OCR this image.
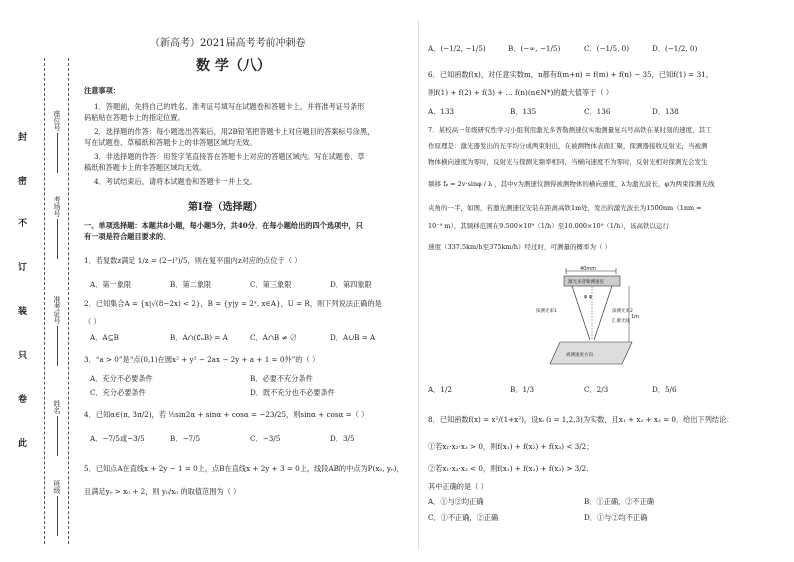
封
密
不
订
装
只
卷
此
座位号
考场号
准考证号
姓名
班级
（新高考）2021届高考考前冲刺卷
数 学（八）
注意事项：
1．答题前，先将自己的姓名、准考证号填写在试题卷和答题卡上，并将准考证号条形
码粘贴在答题卡上的指定位置。
2．选择题的作答：每小题选出答案后，用2B铅笔把答题卡上对应题目的答案标号涂黑，
写在试题卷、草稿纸和答题卡上的非答题区域均无效。
3．非选择题的作答：用签字笔直接答在答题卡上对应的答题区域内。写在试题卷、草
稿纸和答题卡上的非答题区域均无效。
4．考试结束后，请将本试题卷和答题卡一并上交。
第Ⅰ卷（选择题）
一、单项选择题：本题共8小题，每小题5分，共40分．在每小题给出的四个选项中，只
有一项是符合题目要求的．
1．若复数z满足 1/z = (2−i³)/5，则在复平面内z对应的点位于（ ）
A．第一象限	B．第二象限	C．第三象限	D．第四象限
2．已知集合A = {x|√(8−2x) < 2}，B = {y|y = 2ˣ, x∈A}，U = R，则下列说法正确的是
（ ）
A．A⊆B	B．A∩(∁ᵤB) = A	C．A∩B ≠ ∅	D．A∪B = A
3．“a > 0”是“点(0,1)在圆x² + y² − 2ax − 2y + a + 1 = 0外”的（ ）
A．充分不必要条件	B．必要不充分条件
C．充分必要条件	D．既不充分也不必要条件
4．已知α∈(π, 3π/2)，若 ½sin2α + sinα + cosα = −23/25，则sinα + cosα =（ ）
A．−7/5或−3/5	B．−7/5	C．−3/5	D．3/5
5．已知点A在直线x + 2y − 1 = 0上，点B在直线x + 2y + 3 = 0上，线段AB的中点为P(x₀, y₀)，
且满足y₀ > x₀ + 2，则 y₀/x₀ 的取值范围为（ ）
A．(−1/2, −1/5)	B．(−∞, −1/5)	C．(−1/5, 0)	D．(−1/2, 0)
6．已知函数f(x)，对任意实数m，n都有f(m+n) = f(m) + f(n) − 35，已知f(1) = 31，
则f(1) + f(2) + f(3) + … f(n)(n∈N*)的最大值等于（ ）
A．133	B．135	C．136	D．138
7．某校高一年级研究性学习小组利用激光多普勒测速仪实地测量复兴号高铁在某时刻的速度，其工
作原理是：激光器发出的光平均分成两束射出，在被测物体表面汇聚，探测器接收反射光，当被测
物体横向速度为零时，反射光与探测光频率相同，当横向速度不为零时，反射光相对探测光会发生
频移 fₚ = 2v·sinφ / λ ，其中v为测速仪测得被测物体的横向速度，λ为激光波长，φ为两束探测光线
夹角的一半，如图，若激光测速仪安装在距离高铁1m处，发出的激光波长为1500nm（1nm =
10⁻⁹ m），其频移范围在9.500×10⁹（1/h）至10.000×10⁹（1/h），该高铁以运行
速度（337.5km/h至375km/h）经过时，可测量的概率为（ ）
40mm
激光多普勒测速仪
φ φ
探测光束1	探测光束2
汇聚光线
1m
被测速度方向
A．1/2	B．1/3	C．2/3	D．5/6
8．已知函数f(x) = x²/(1+x²)，设xᵢ (i = 1,2,3)为实数，且x₁ + x₂ + x₃ = 0．给出下列结论：
①若x₁·x₂·x₃ > 0，则f(x₁) + f(x₂) + f(x₃) < 3/2；
②若x₁·x₂·x₃ < 0，则f(x₁) + f(x₂) + f(x₃) > 3/2．
其中正确的是（ ）
A．①与②均正确	B．①正确，②不正确
C．①不正确，②正确	D．①与②均不正确
